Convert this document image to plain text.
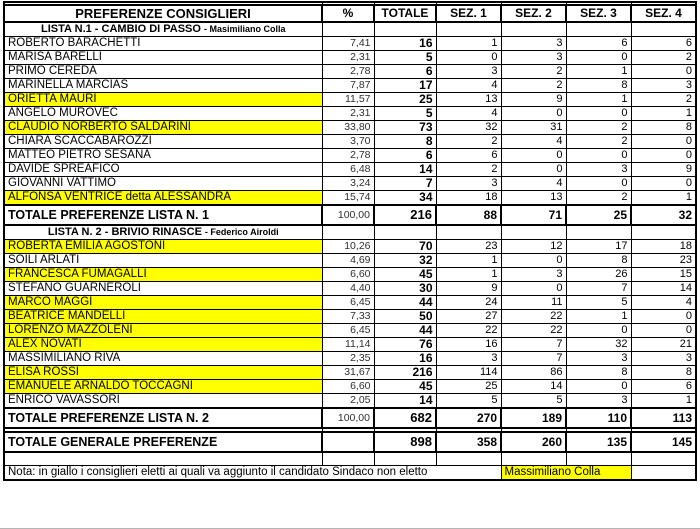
PREFERENZE CONSIGLIERI	%	TOTALE	SEZ. 1	SEZ. 2	SEZ. 3	SEZ. 4
LISTA N.1 - CAMBIO DI PASSO - Masimiliano Colla						
ROBERTO BARACHETTI	7,41	16	1	3	6	6
MARISA BARELLI	2,31	5	0	3	0	2
PRIMO CEREDA	2,78	6	3	2	1	0
MARINELLA MARCIAS	7,87	17	4	2	8	3
ORIETTA MAURI	11,57	25	13	9	1	2
ANGELO MUROVEC	2,31	5	4	0	0	1
CLAUDIO NORBERTO SALDARINI	33,80	73	32	31	2	8
CHIARA SCACCABAROZZI	3,70	8	2	4	2	0
MATTEO PIETRO SESANA	2,78	6	6	0	0	0
DAVIDE SPREAFICO	6,48	14	2	0	3	9
GIOVANNI VATTIMO	3,24	7	3	4	0	0
ALFONSA VENTRICE detta ALESSANDRA	15,74	34	18	13	2	1
TOTALE PREFERENZE LISTA N. 1	100,00	216	88	71	25	32
LISTA N. 2 - BRIVIO RINASCE - Federico Airoldi						
ROBERTA EMILIA AGOSTONI	10,26	70	23	12	17	18
SOILI ARLATI	4,69	32	1	0	8	23
FRANCESCA FUMAGALLI	6,60	45	1	3	26	15
STEFANO GUARNEROLI	4,40	30	9	0	7	14
MARCO MAGGI	6,45	44	24	11	5	4
BEATRICE MANDELLI	7,33	50	27	22	1	0
LORENZO MAZZOLENI	6,45	44	22	22	0	0
ALEX NOVATI	11,14	76	16	7	32	21
MASSIMILIANO RIVA	2,35	16	3	7	3	3
ELISA ROSSI	31,67	216	114	86	8	8
EMANUELE ARNALDO TOCCAGNI	6,60	45	25	14	0	6
ENRICO VAVASSORI	2,05	14	5	5	3	1
TOTALE PREFERENZE LISTA N. 2	100,00	682	270	189	110	113

TOTALE GENERALE PREFERENZE		898	358	260	135	145

Nota: in giallo i consiglieri eletti ai quali va aggiunto il candidato Sindaco non eletto				Massimiliano Colla		
